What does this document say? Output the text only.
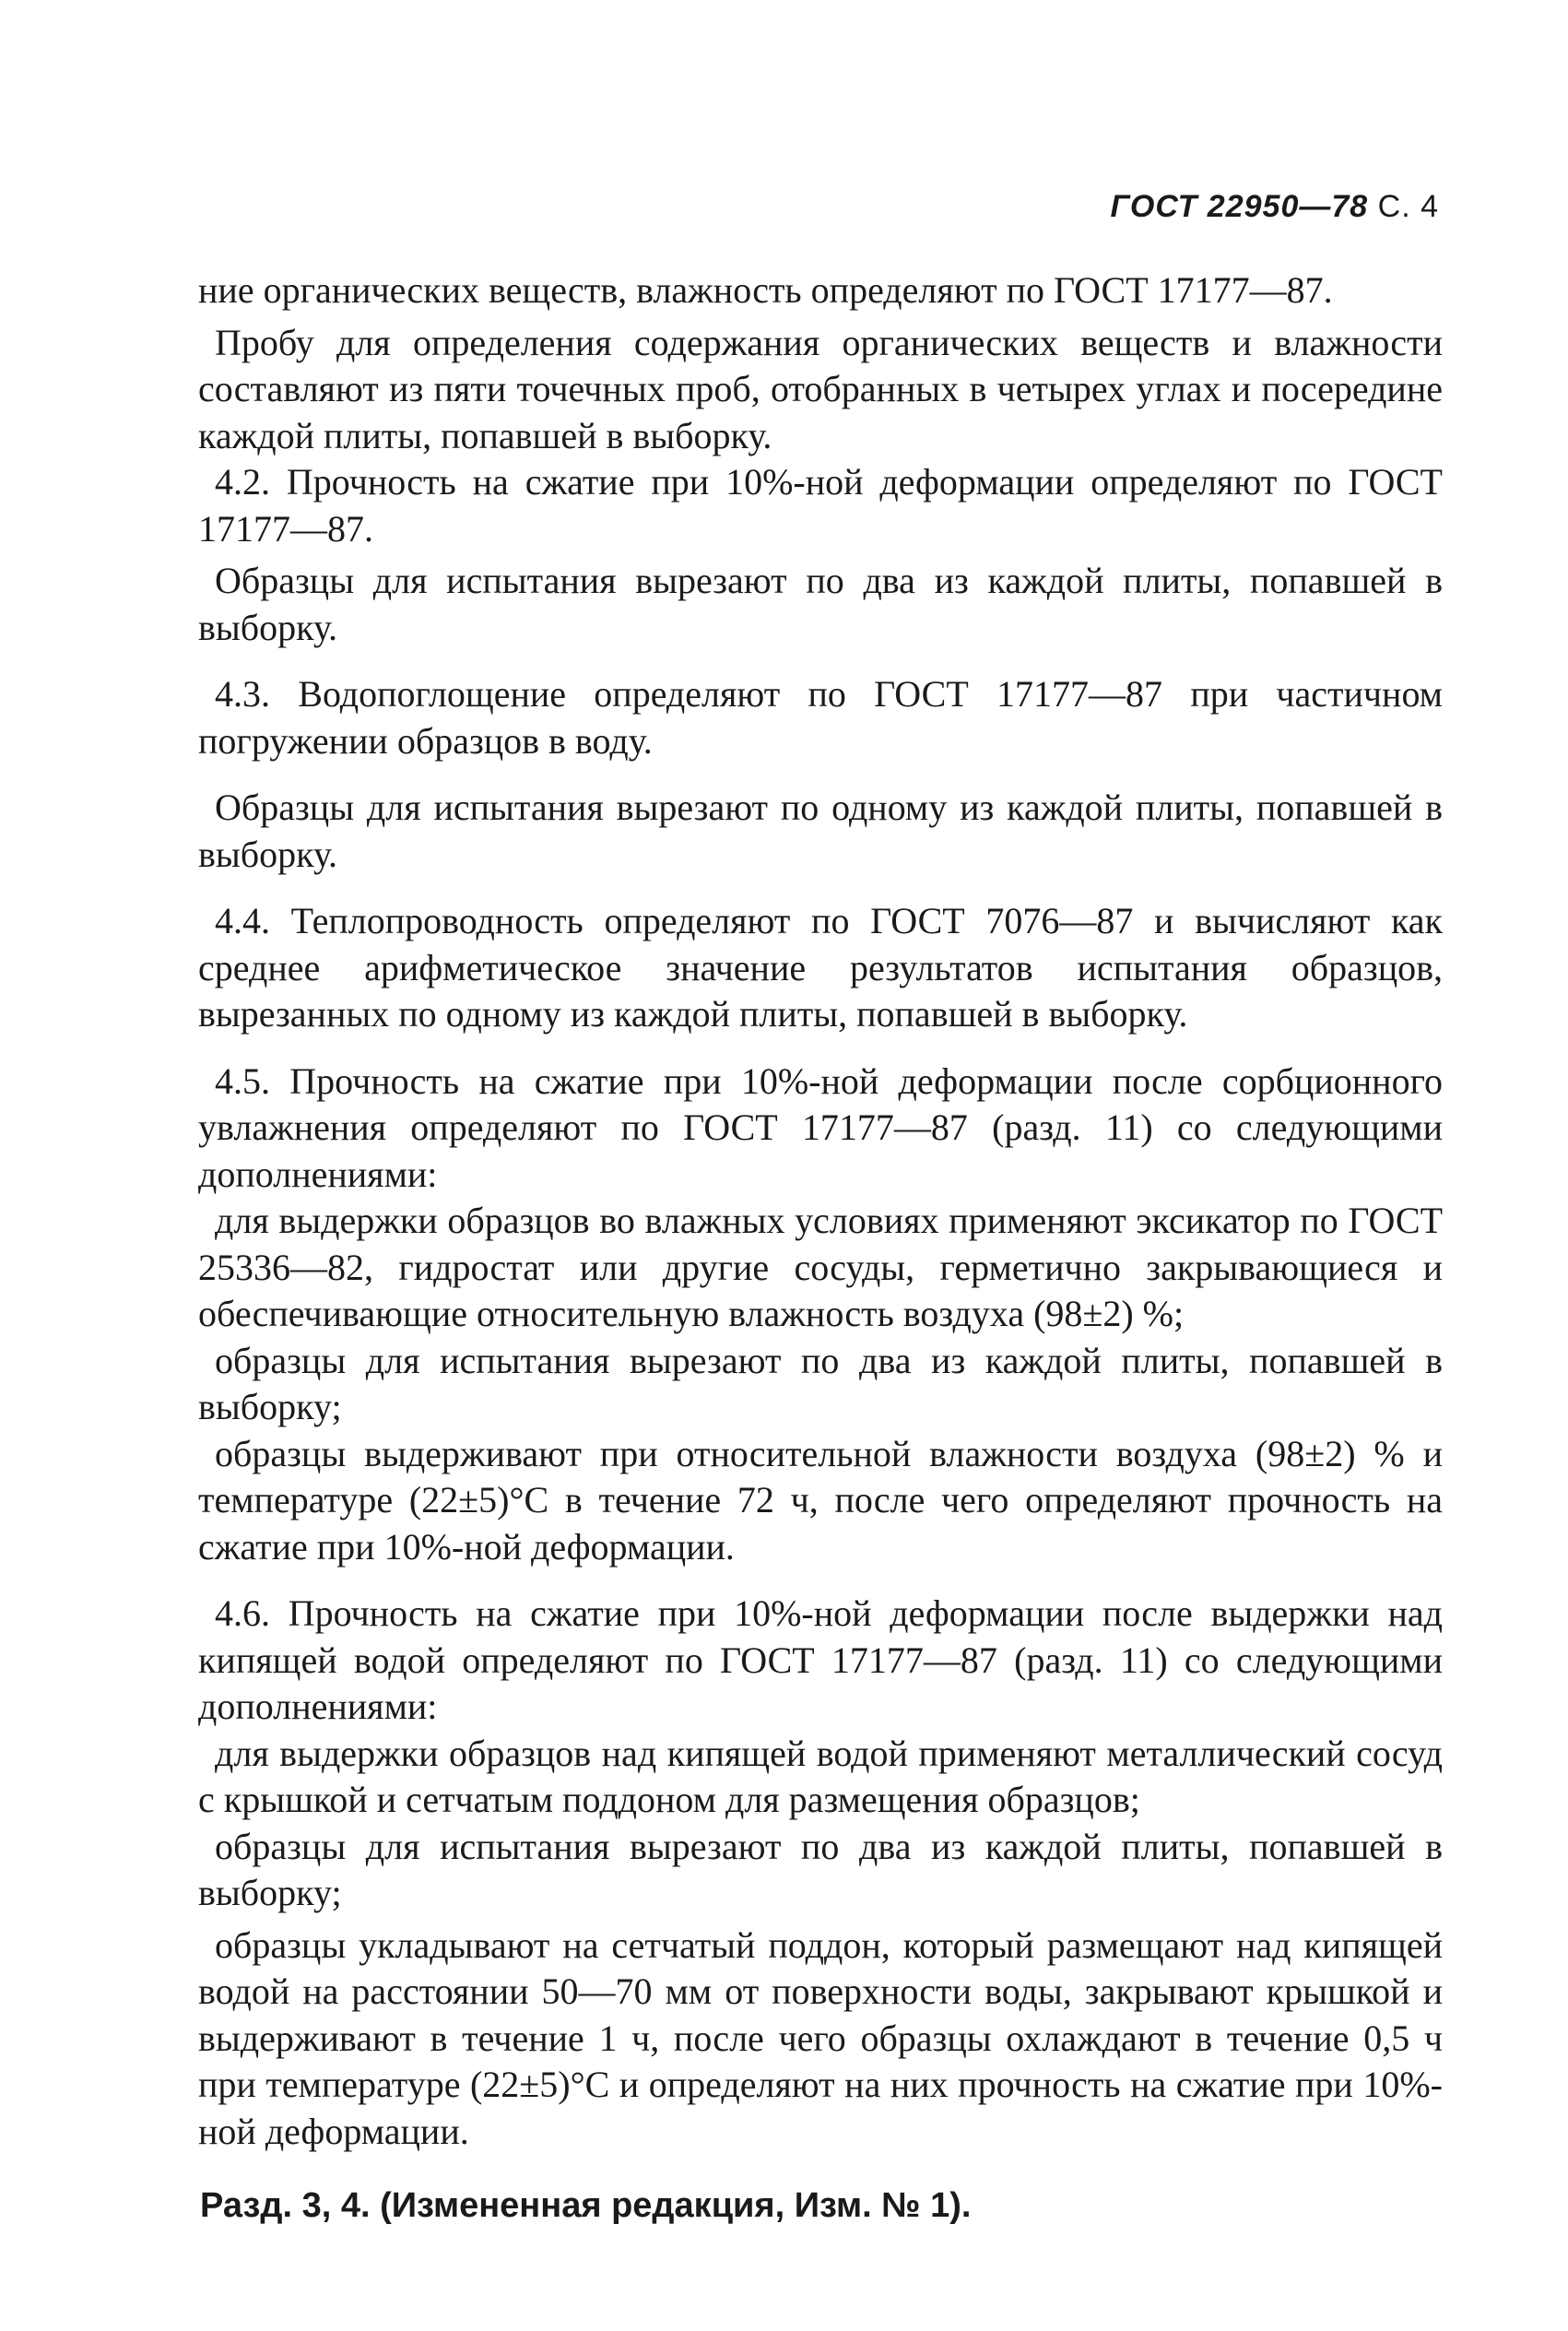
ГОСТ 22950—78 С. 4

ние органических веществ, влажность определяют по ГОСТ 17177—87.

Пробу для определения содержания органических веществ и влажности составляют из пяти точечных проб, отобранных в четырех углах и посередине каждой плиты, попавшей в выборку.

4.2. Прочность на сжатие при 10%-ной деформации определяют по ГОСТ 17177—87.

Образцы для испытания вырезают по два из каждой плиты, попавшей в выборку.

4.3. Водопоглощение определяют по ГОСТ 17177—87 при частичном погружении образцов в воду.

Образцы для испытания вырезают по одному из каждой плиты, попавшей в выборку.

4.4. Теплопроводность определяют по ГОСТ 7076—87 и вычисляют как среднее арифметическое значение результатов испытания образцов, вырезанных по одному из каждой плиты, попавшей в выборку.

4.5. Прочность на сжатие при 10%-ной деформации после сорбционного увлажнения определяют по ГОСТ 17177—87 (разд. 11) со следующими дополнениями:

для выдержки образцов во влажных условиях применяют эксикатор по ГОСТ 25336—82, гидростат или другие сосуды, герметично закрывающиеся и обеспечивающие относительную влажность воздуха (98±2) %;

образцы для испытания вырезают по два из каждой плиты, попавшей в выборку;

образцы выдерживают при относительной влажности воздуха (98±2) % и температуре (22±5)°С в течение 72 ч, после чего определяют прочность на сжатие при 10%-ной деформации.

4.6. Прочность на сжатие при 10%-ной деформации после выдержки над кипящей водой определяют по ГОСТ 17177—87 (разд. 11) со следующими дополнениями:

для выдержки образцов над кипящей водой применяют металлический сосуд с крышкой и сетчатым поддоном для размещения образцов;

образцы для испытания вырезают по два из каждой плиты, попавшей в выборку;

образцы укладывают на сетчатый поддон, который размещают над кипящей водой на расстоянии 50—70 мм от поверхности воды, закрывают крышкой и выдерживают в течение 1 ч, после чего образцы охлаждают в течение 0,5 ч при температуре (22±5)°С и определяют на них прочность на сжатие при 10%-ной деформации.

Разд. 3, 4. (Измененная редакция, Изм. № 1).
